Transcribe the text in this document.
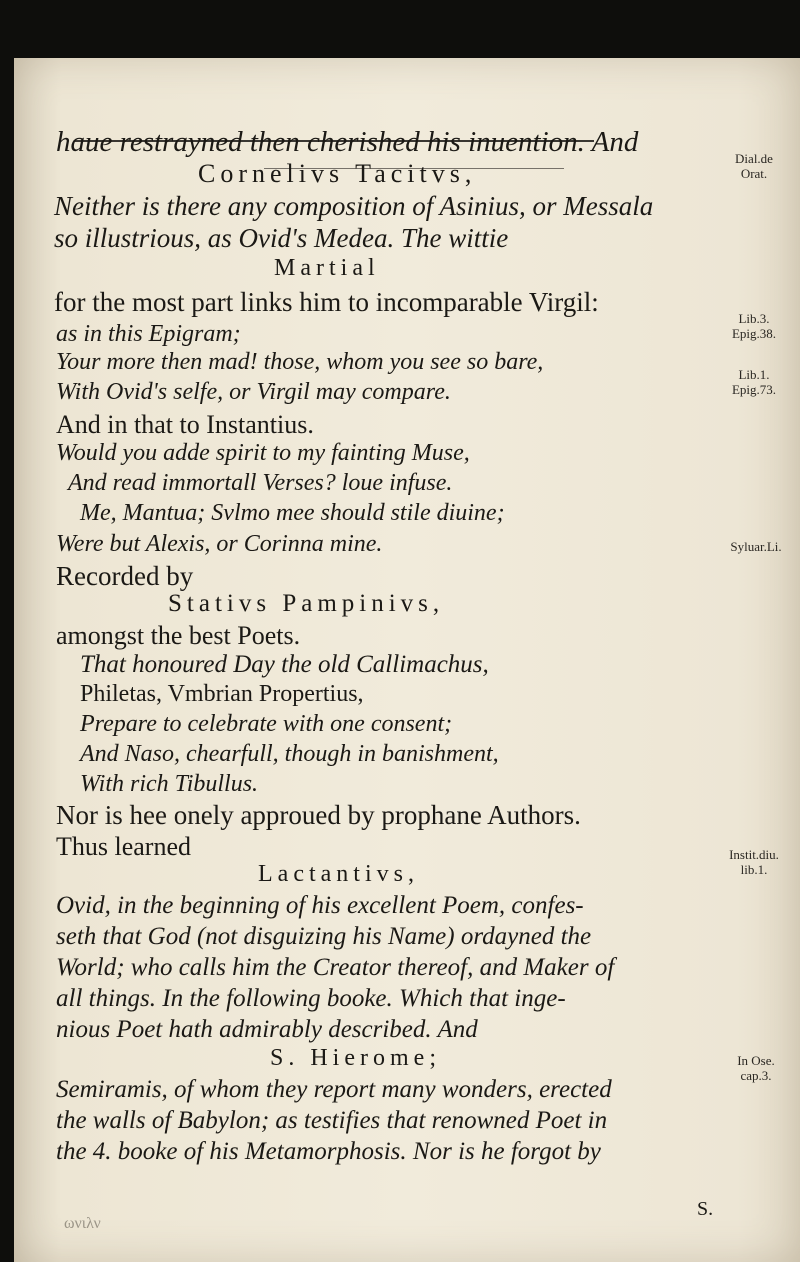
haue restrayned then cherished his inuention. And
Cornelivs Tacitvs,
Neither is there any composition of Asinius, or Messala
so illustrious, as Ovid's Medea. The wittie
Martial
for the most part links him to incomparable Virgil:
as in this Epigram;
Your more then mad! those, whom you see so bare,
With Ovid's selfe, or Virgil may compare.
And in that to Instantius.
Would you adde spirit to my fainting Muse,
And read immortall Verses? loue infuse.
Me, Mantua; Svlmo mee should stile diuine;
Were but Alexis, or Corinna mine.
Recorded by
Stativs Pampinivs,
amongst the best Poets.
That honoured Day the old Callimachus,
Philetas, Vmbrian Propertius,
Prepare to celebrate with one consent;
And Naso, chearfull, though in banishment,
With rich Tibullus.
Nor is hee onely approued by prophane Authors.
Thus learned
Lactantivs,
Ovid, in the beginning of his excellent Poem, confes-
seth that God (not disguizing his Name) ordayned the
World; who calls him the Creator thereof, and Maker of
all things. In the following booke. Which that inge-
nious Poet hath admirably described. And
S. Hierome;
Semiramis, of whom they report many wonders, erected
the walls of Babylon; as testifies that renowned Poet in
the 4. booke of his Metamorphosis. Nor is he forgot by
Dial.de
Orat.
Lib.3.
Epig.38.
Lib.1.
Epig.73.
Syluar.Li.
Instit.diu.
lib.1.
In Ose.
cap.3.
S.
ωνιλν
